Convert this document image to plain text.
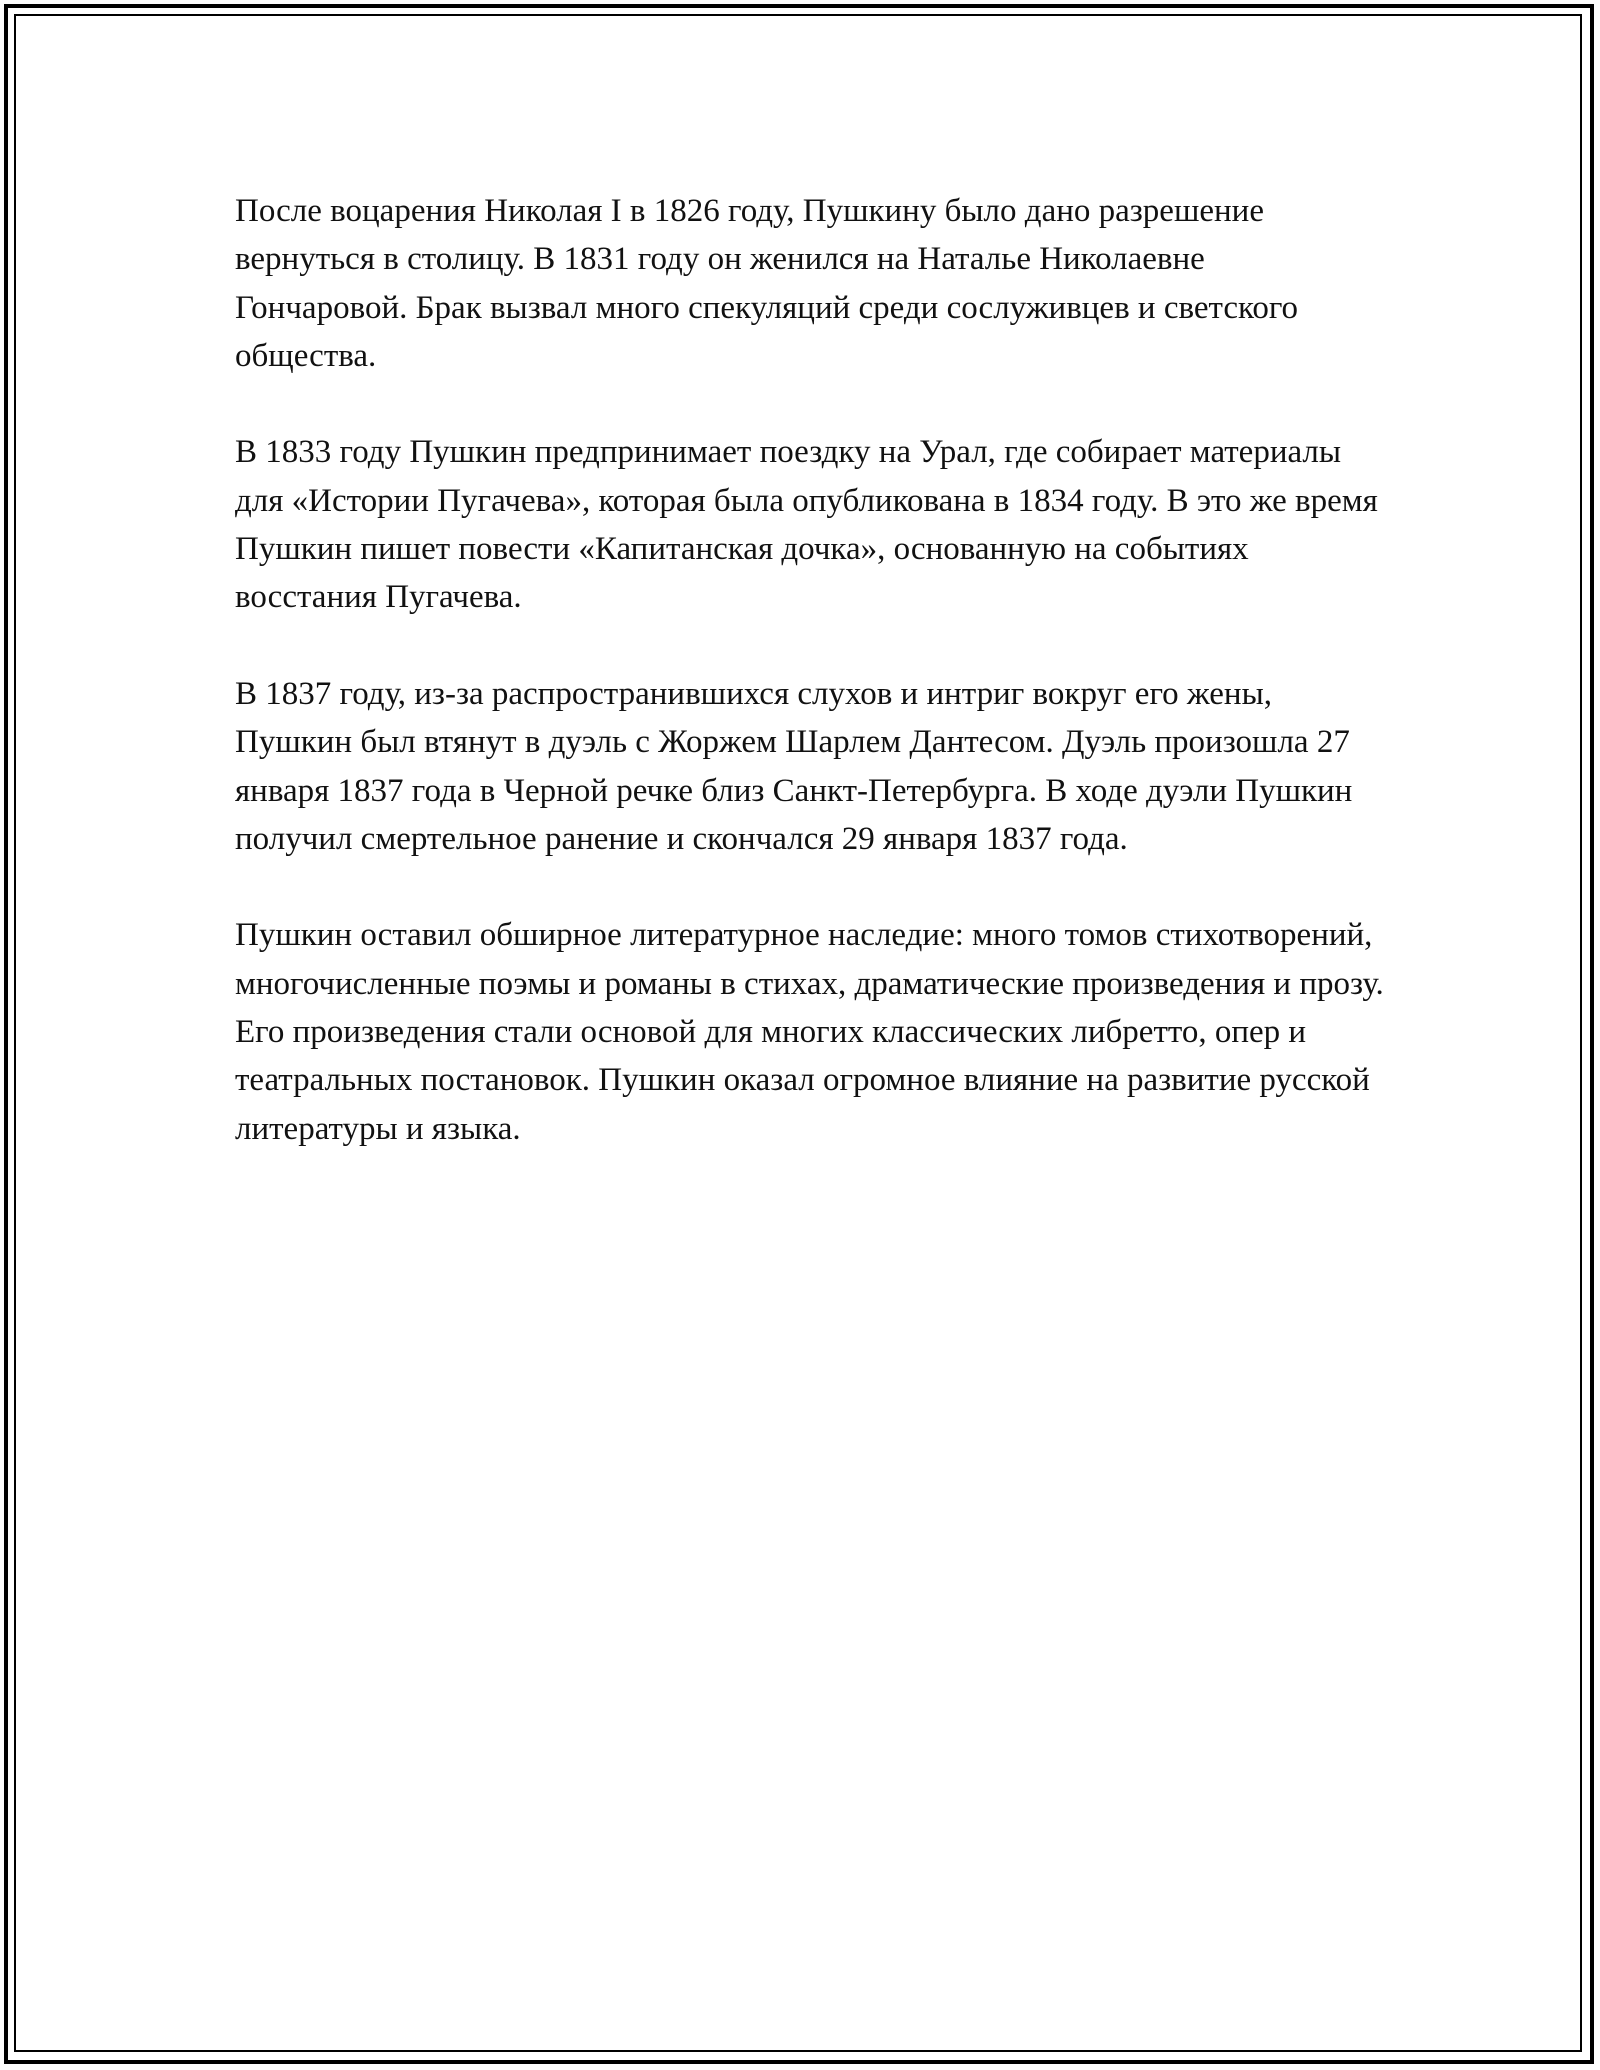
После воцарения Николая I в 1826 году, Пушкину было дано разрешение вернуться в столицу. В 1831 году он женился на Наталье Николаевне Гончаровой. Брак вызвал много спекуляций среди сослуживцев и светского общества.

В 1833 году Пушкин предпринимает поездку на Урал, где собирает материалы для «Истории Пугачева», которая была опубликована в 1834 году. В это же время Пушкин пишет повести «Капитанская дочка», основанную на событиях восстания Пугачева.

В 1837 году, из-за распространившихся слухов и интриг вокруг его жены, Пушкин был втянут в дуэль с Жоржем Шарлем Дантесом. Дуэль произошла 27 января 1837 года в Черной речке близ Санкт-Петербурга. В ходе дуэли Пушкин получил смертельное ранение и скончался 29 января 1837 года.

Пушкин оставил обширное литературное наследие: много томов стихотворений, многочисленные поэмы и романы в стихах, драматические произведения и прозу. Его произведения стали основой для многих классических либретто, опер и театральных постановок. Пушкин оказал огромное влияние на развитие русской литературы и языка.
